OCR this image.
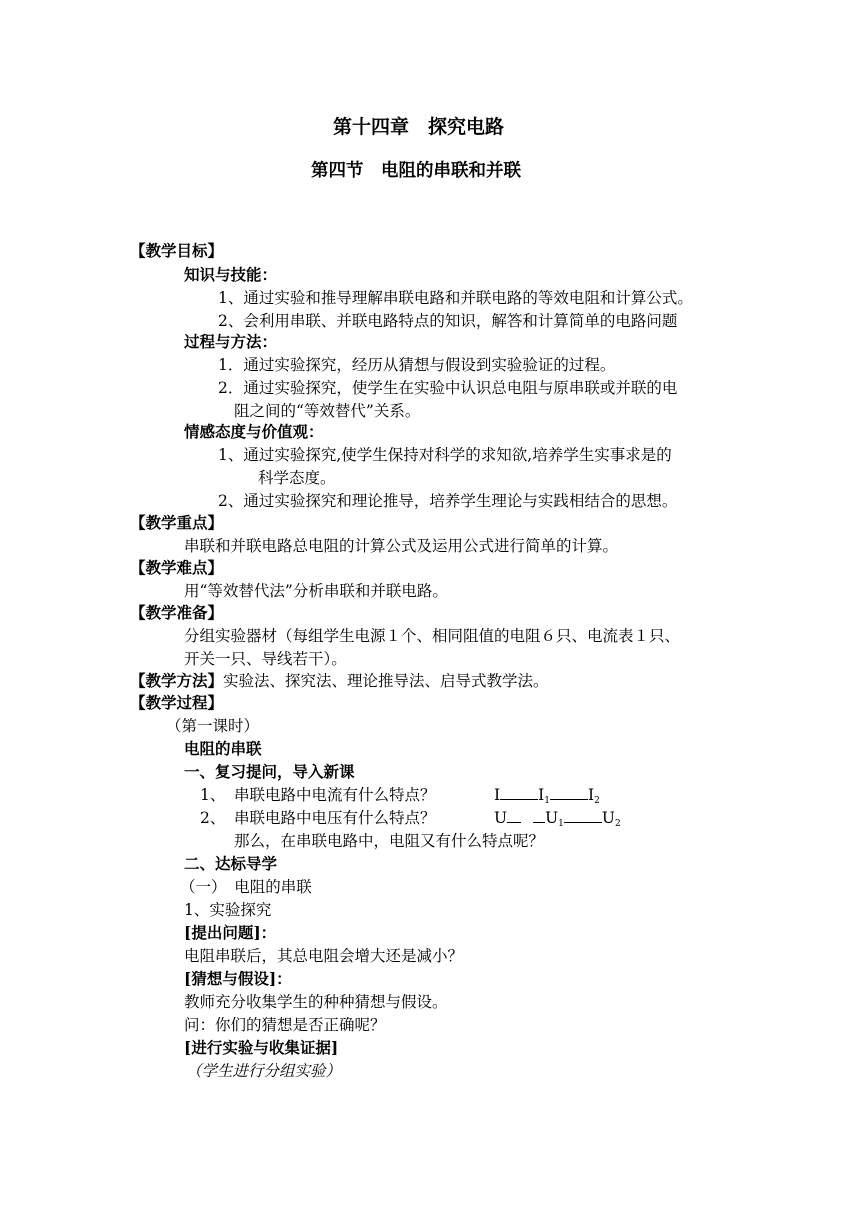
第十四章　探究电路
第四节　电阻的串联和并联
【教学目标】
知识与技能：
1、通过实验和推导理解串联电路和并联电路的等效电阻和计算公式。
2、会利用串联、并联电路特点的知识，解答和计算简单的电路问题
过程与方法：
1．通过实验探究，经历从猜想与假设到实验验证的过程。
2．通过实验探究，使学生在实验中认识总电阻与原串联或并联的电
阻之间的“等效替代”关系。
情感态度与价值观：
1、通过实验探究,使学生保持对科学的求知欲,培养学生实事求是的
科学态度。
2、通过实验探究和理论推导，培养学生理论与实践相结合的思想。
【教学重点】
串联和并联电路总电阻的计算公式及运用公式进行简单的计算。
【教学难点】
用“等效替代法”分析串联和并联电路。
【教学准备】
分组实验器材（每组学生电源１个、相同阻值的电阻６只、电流表１只、
开关一只、导线若干）。
【教学方法】实验法、探究法、理论推导法、启导式教学法。
【教学过程】
（第一课时）
电阻的串联
一、复习提问，导入新课
1、 串联电路中电流有什么特点？	I $I_1$ $I_2$
2、 串联电路中电压有什么特点？	U $U_1$ $U_2$
那么，在串联电路中，电阻又有什么特点呢？
二、达标导学
（一）　电阻的串联
1、实验探究
[提出问题]：
电阻串联后，其总电阻会增大还是减小？
[猜想与假设]：
教师充分收集学生的种种猜想与假设。
问：你们的猜想是否正确呢？
[进行实验与收集证据]
（学生进行分组实验）
